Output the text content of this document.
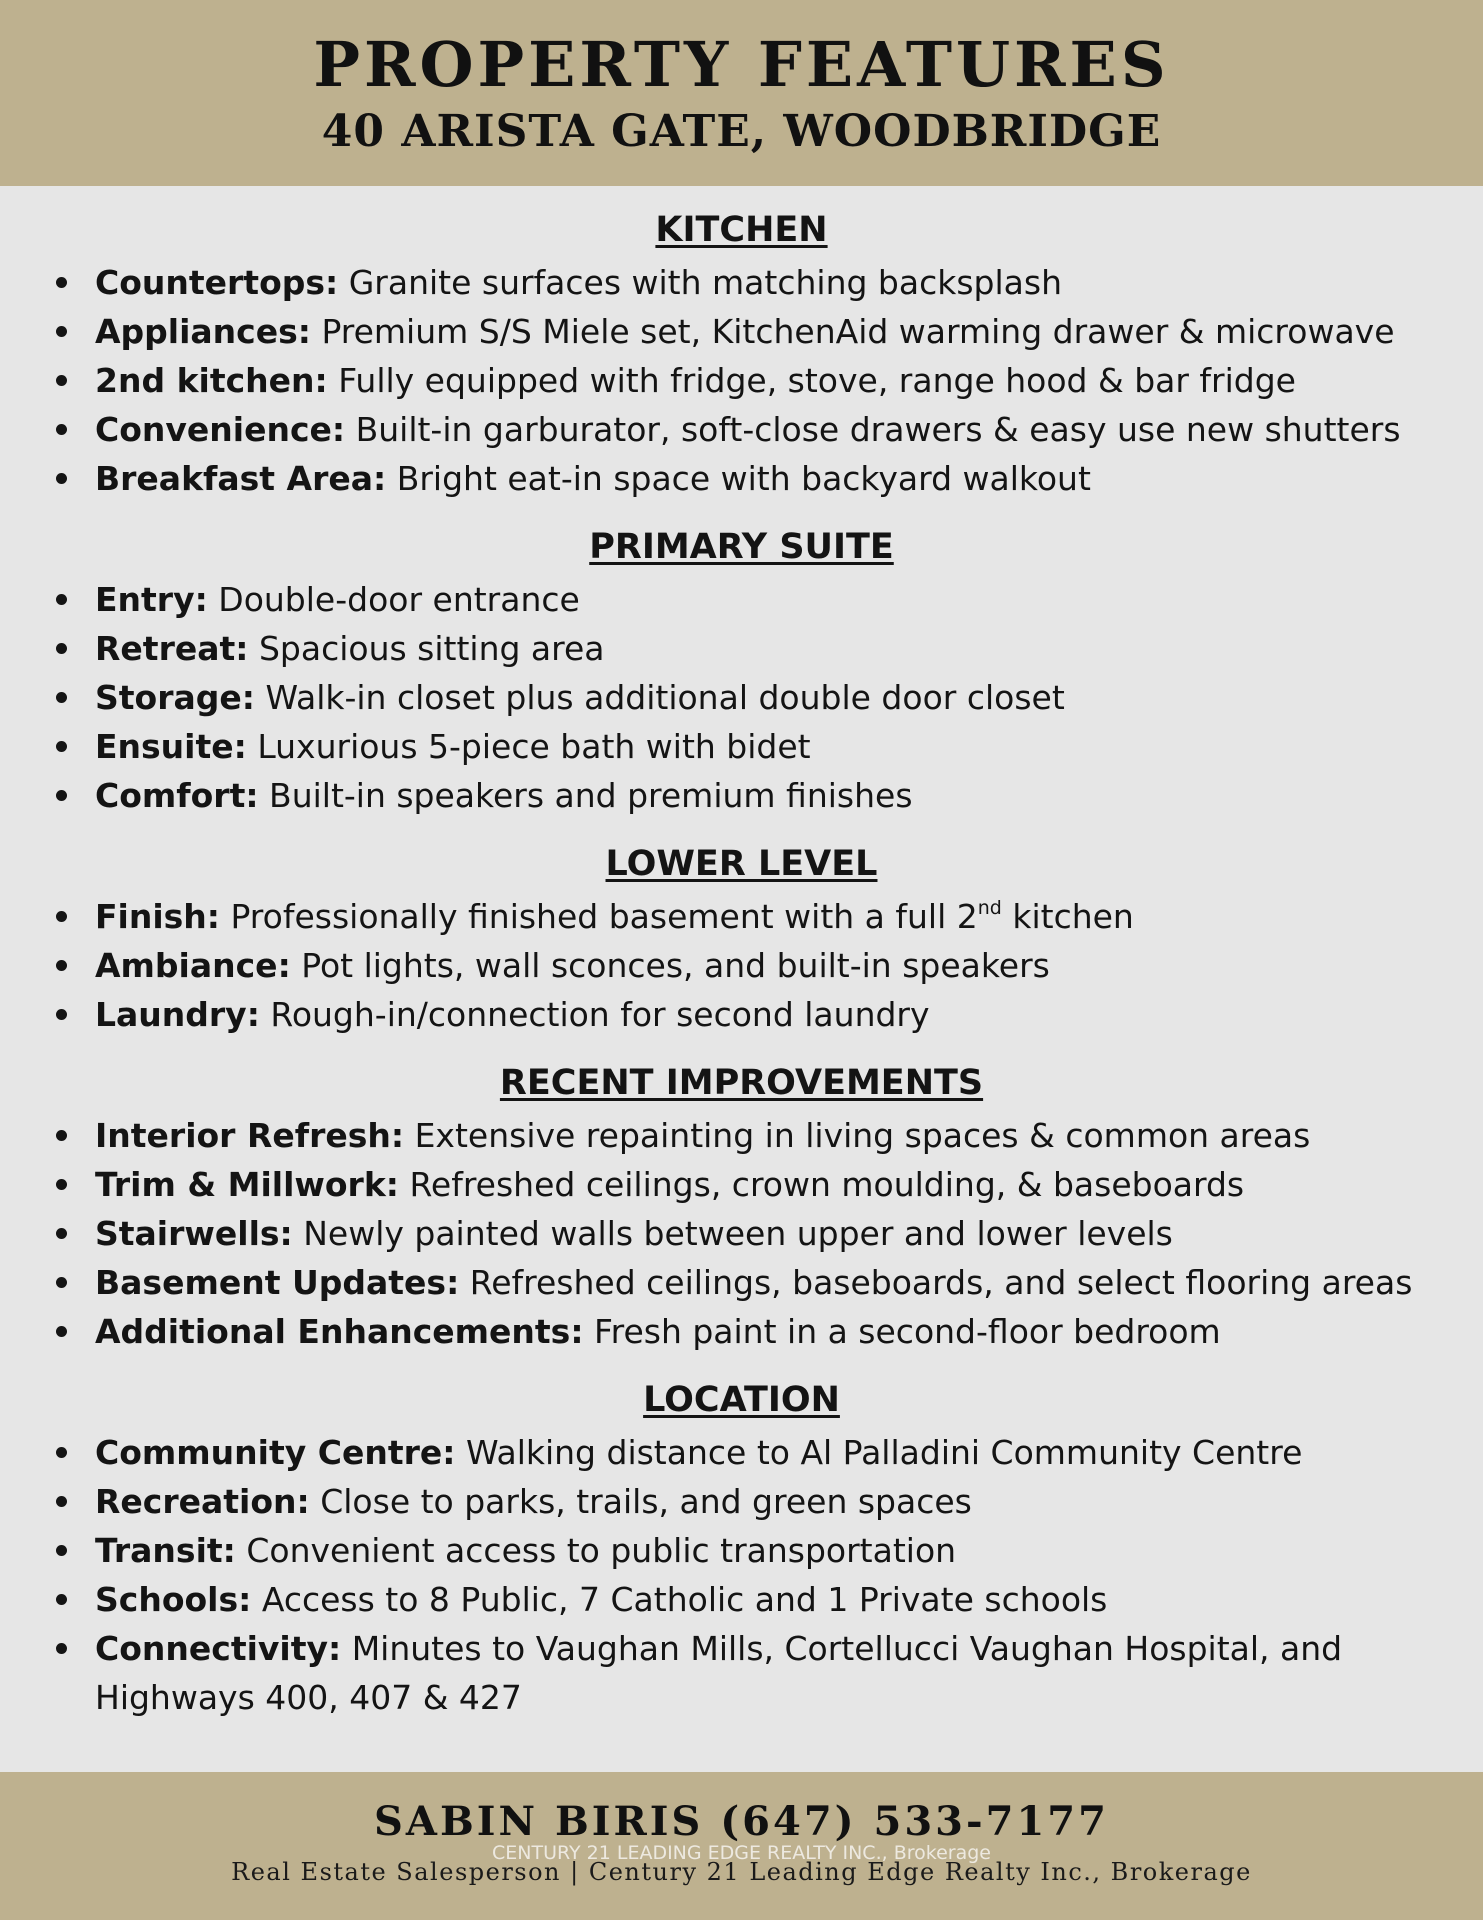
PROPERTY FEATURES
40 ARISTA GATE, WOODBRIDGE
KITCHEN
Countertops: Granite surfaces with matching backsplash
Appliances: Premium S/S Miele set, KitchenAid warming drawer & microwave
2nd kitchen: Fully equipped with fridge, stove, range hood & bar fridge
Convenience: Built-in garburator, soft-close drawers & easy use new shutters
Breakfast Area: Bright eat-in space with backyard walkout
PRIMARY SUITE
Entry: Double-door entrance
Retreat: Spacious sitting area
Storage: Walk-in closet plus additional double door closet
Ensuite: Luxurious 5-piece bath with bidet
Comfort: Built-in speakers and premium finishes
LOWER LEVEL
Finish: Professionally finished basement with a full 2nd kitchen
Ambiance: Pot lights, wall sconces, and built-in speakers
Laundry: Rough-in/connection for second laundry
RECENT IMPROVEMENTS
Interior Refresh: Extensive repainting in living spaces & common areas
Trim & Millwork: Refreshed ceilings, crown moulding, & baseboards
Stairwells: Newly painted walls between upper and lower levels
Basement Updates: Refreshed ceilings, baseboards, and select flooring areas
Additional Enhancements: Fresh paint in a second-floor bedroom
LOCATION
Community Centre: Walking distance to Al Palladini Community Centre
Recreation: Close to parks, trails, and green spaces
Transit: Convenient access to public transportation
Schools: Access to 8 Public, 7 Catholic and 1 Private schools
Connectivity: Minutes to Vaughan Mills, Cortellucci Vaughan Hospital, and Highways 400, 407 & 427
SABIN BIRIS (647) 533-7177
CENTURY 21 LEADING EDGE REALTY INC., Brokerage
Real Estate Salesperson | Century 21 Leading Edge Realty Inc., Brokerage
